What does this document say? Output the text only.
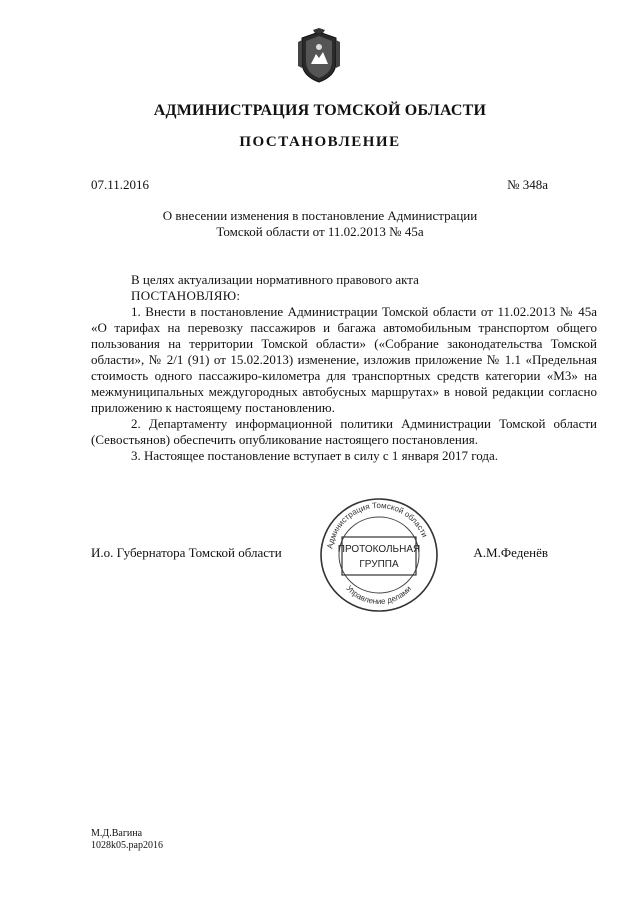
АДМИНИСТРАЦИЯ ТОМСКОЙ ОБЛАСТИ
ПОСТАНОВЛЕНИЕ
07.11.2016	№ 348а
О внесении изменения в постановление Администрации
Томской области от 11.02.2013 № 45а

В целях актуализации нормативного правового акта

ПОСТАНОВЛЯЮ:

1. Внести в постановление Администрации Томской области от 11.02.2013 № 45а «О тарифах на перевозку пассажиров и багажа автомобильным транспортом общего пользования на территории Томской области» («Собрание законодательства Томской области», № 2/1 (91) от 15.02.2013) изменение, изложив приложение № 1.1 «Предельная стоимость одного пассажиро-километра для транспортных средств категории «М3» на межмуниципальных междугородных автобусных маршрутах» в новой редакции согласно приложению к настоящему постановлению.

2. Департаменту информационной политики Администрации Томской области (Севостьянов) обеспечить опубликование настоящего постановления.

3. Настоящее постановление вступает в силу с 1 января 2017 года.

И.о. Губернатора Томской области	А.М.Феденёв
Администрация Томской области
Управление делами
ПРОТОКОЛЬНАЯ
ГРУППА
М.Д.Вагина
1028k05.pap2016
